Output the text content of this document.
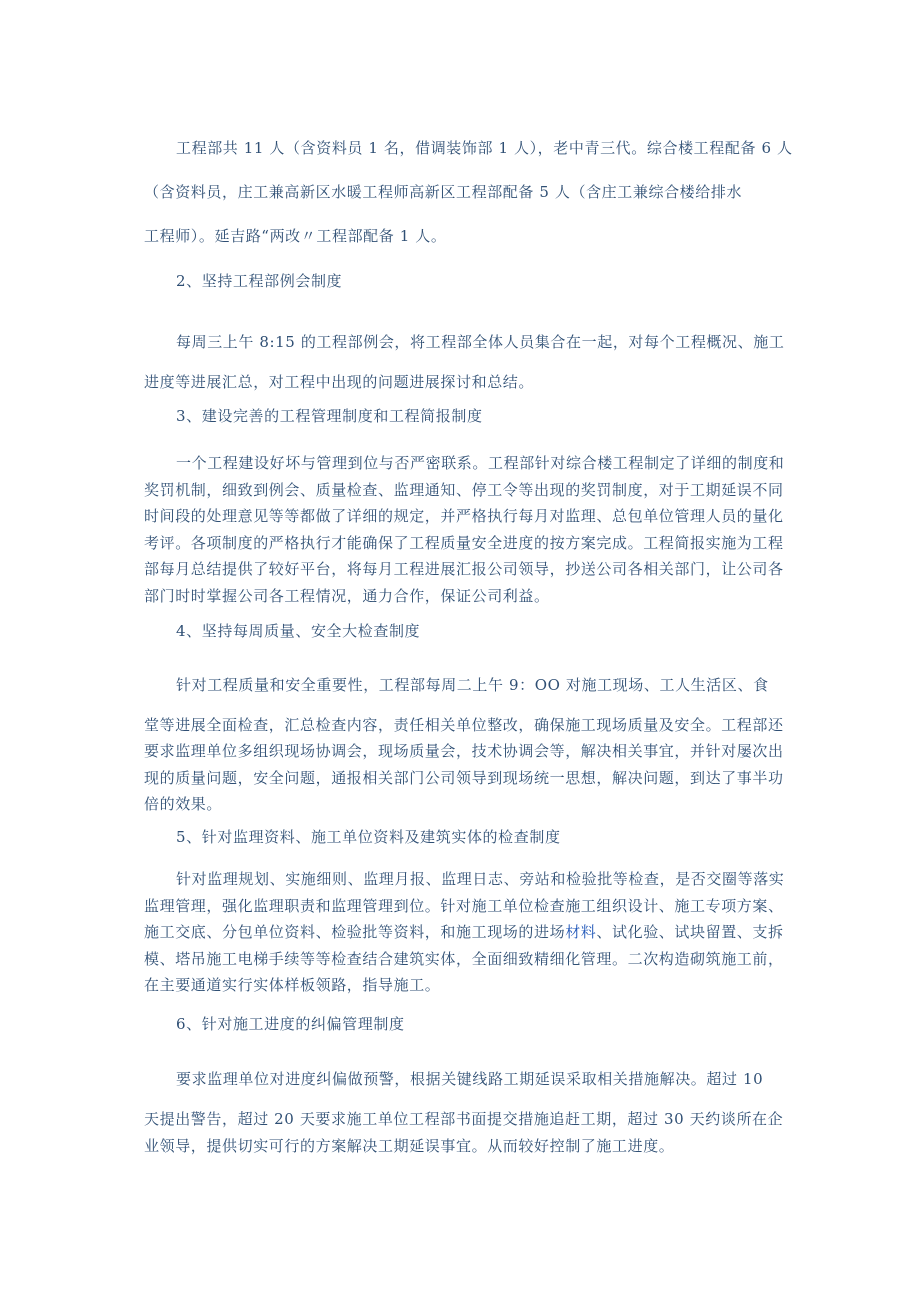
工程部共 11 人（含资料员 1 名，借调装饰部 1 人），老中青三代。综合楼工程配备 6 人
（含资料员，庄工兼高新区水暖工程师高新区工程部配备 5 人（含庄工兼综合楼给排水
工程师）。延吉路“两改〃工程部配备 1 人。

2、坚持工程部例会制度

每周三上午 8:15 的工程部例会，将工程部全体人员集合在一起，对每个工程概况、施工
进度等进展汇总，对工程中出现的问题进展探讨和总结。

3、建设完善的工程管理制度和工程简报制度

一个工程建设好坏与管理到位与否严密联系。工程部针对综合楼工程制定了详细的制度和
奖罚机制，细致到例会、质量检查、监理通知、停工令等出现的奖罚制度，对于工期延误不同
时间段的处理意见等等都做了详细的规定，并严格执行每月对监理、总包单位管理人员的量化
考评。各项制度的严格执行才能确保了工程质量安全进度的按方案完成。工程简报实施为工程
部每月总结提供了较好平台，将每月工程进展汇报公司领导，抄送公司各相关部门，让公司各
部门时时掌握公司各工程情况，通力合作，保证公司利益。

4、坚持每周质量、安全大检查制度

针对工程质量和安全重要性，工程部每周二上午 9：OO 对施工现场、工人生活区、食
堂等进展全面检查，汇总检查内容，责任相关单位整改，确保施工现场质量及安全。工程部还
要求监理单位多组织现场协调会，现场质量会，技术协调会等，解决相关事宜，并针对屡次出
现的质量问题，安全问题，通报相关部门公司领导到现场统一思想，解决问题，到达了事半功
倍的效果。

5、针对监理资料、施工单位资料及建筑实体的检查制度

针对监理规划、实施细则、监理月报、监理日志、旁站和检验批等检查，是否交圈等落实
监理管理，强化监理职责和监理管理到位。针对施工单位检查施工组织设计、施工专项方案、
施工交底、分包单位资料、检验批等资料，和施工现场的进场材料、试化验、试块留置、支拆
模、塔吊施工电梯手续等等检查结合建筑实体，全面细致精细化管理。二次构造砌筑施工前，
在主要通道实行实体样板领路，指导施工。

6、针对施工进度的纠偏管理制度

要求监理单位对进度纠偏做预警，根据关键线路工期延误采取相关措施解决。超过 10
天提出警告，超过 20 天要求施工单位工程部书面提交措施追赶工期，超过 30 天约谈所在企
业领导，提供切实可行的方案解决工期延误事宜。从而较好控制了施工进度。
